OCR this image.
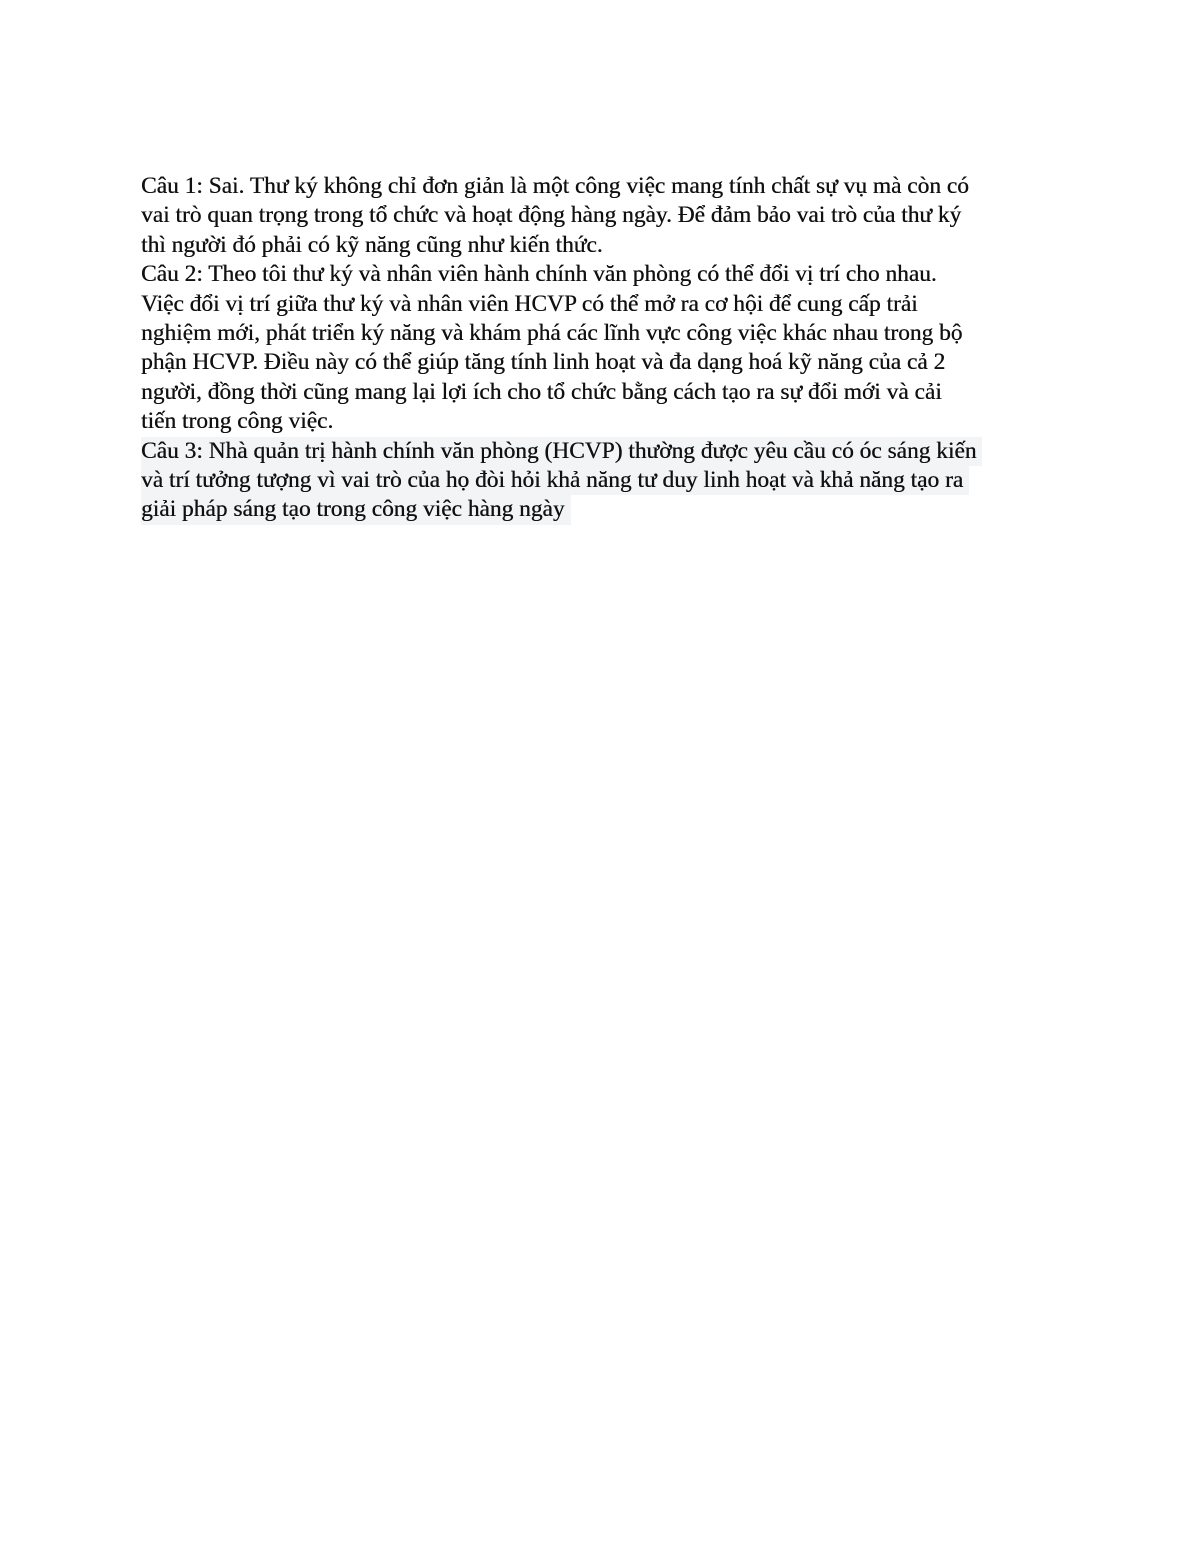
Câu 1: Sai. Thư ký không chỉ đơn giản là một công việc mang tính chất sự vụ mà còn có
vai trò quan trọng trong tổ chức và hoạt động hàng ngày. Để đảm bảo vai trò của thư ký
thì người đó phải có kỹ năng cũng như kiến thức.

Câu 2: Theo tôi thư ký và nhân viên hành chính văn phòng có thể đổi vị trí cho nhau.
Việc đổi vị trí giữa thư ký và nhân viên HCVP có thể mở ra cơ hội để cung cấp trải
nghiệm mới, phát triển ký năng và khám phá các lĩnh vực công việc khác nhau trong bộ
phận HCVP. Điều này có thể giúp tăng tính linh hoạt và đa dạng hoá kỹ năng của cả 2
người, đồng thời cũng mang lại lợi ích cho tổ chức bằng cách tạo ra sự đổi mới và cải
tiến trong công việc.

Câu 3: Nhà quản trị hành chính văn phòng (HCVP) thường được yêu cầu có óc sáng kiến
và trí tưởng tượng vì vai trò của họ đòi hỏi khả năng tư duy linh hoạt và khả năng tạo ra
giải pháp sáng tạo trong công việc hàng ngày
